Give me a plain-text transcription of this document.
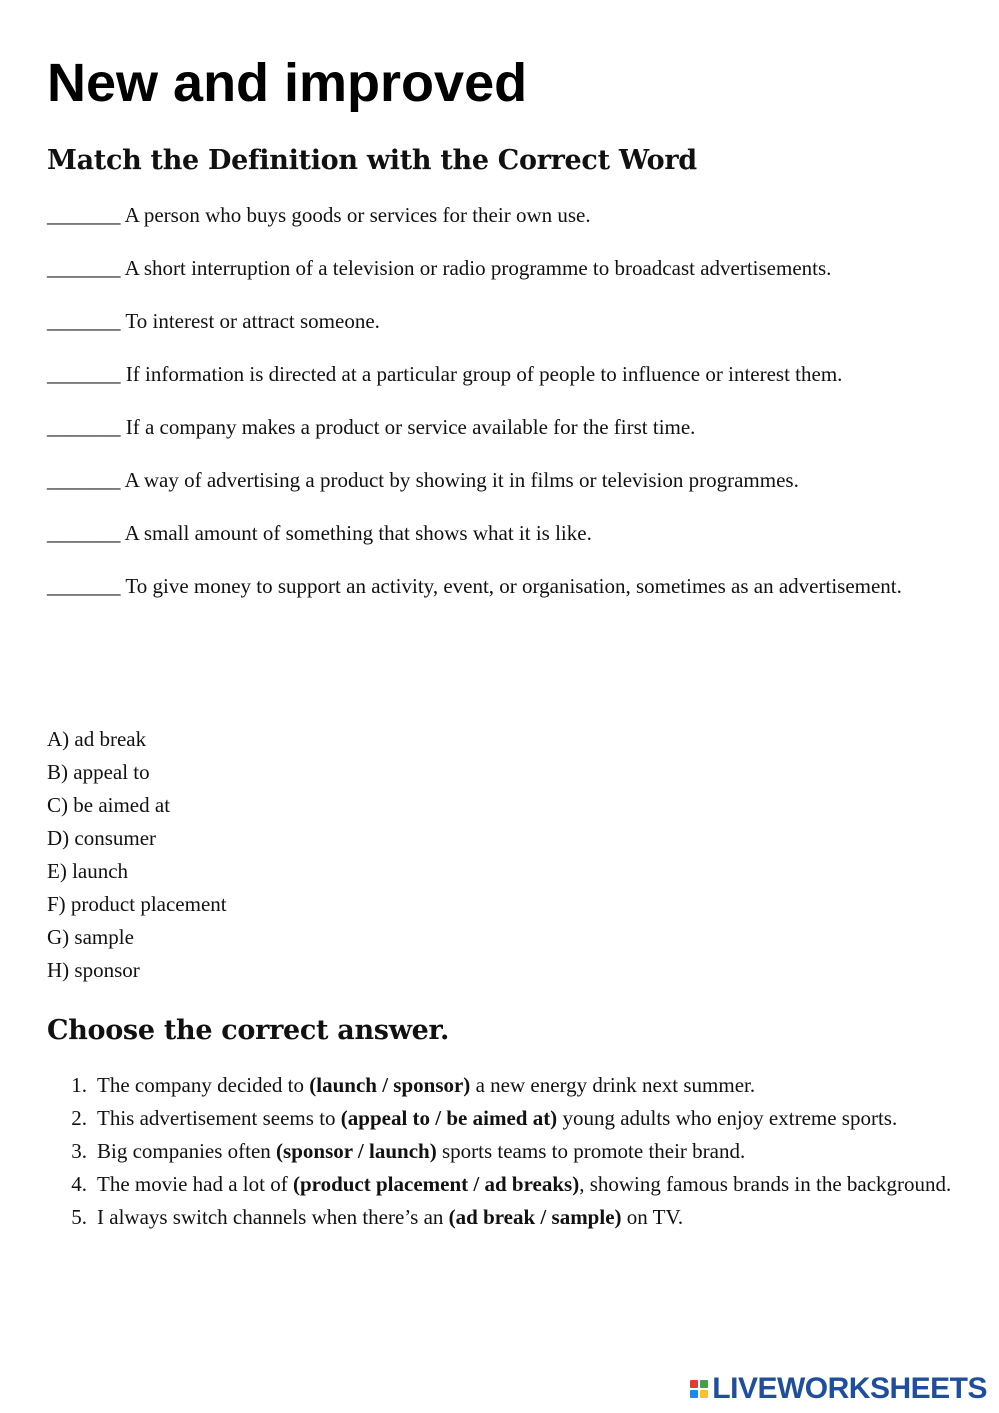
New and improved
Match the Definition with the Correct Word

_______ A person who buys goods or services for their own use.

_______ A short interruption of a television or radio programme to broadcast advertisements.

_______ To interest or attract someone.

_______ If information is directed at a particular group of people to influence or interest them.

_______ If a company makes a product or service available for the first time.

_______ A way of advertising a product by showing it in films or television programmes.

_______ A small amount of something that shows what it is like.

_______ To give money to support an activity, event, or organisation, sometimes as an advertisement.

A) ad break

B) appeal to

C) be aimed at

D) consumer

E) launch

F) product placement

G) sample

H) sponsor

Choose the correct answer.
1. The company decided to (launch / sponsor) a new energy drink next summer.
2. This advertisement seems to (appeal to / be aimed at) young adults who enjoy extreme sports.
3. Big companies often (sponsor / launch) sports teams to promote their brand.
4. The movie had a lot of (product placement / ad breaks), showing famous brands in the background.
5. I always switch channels when there’s an (ad break / sample) on TV.
LIVEWORKSHEETS
